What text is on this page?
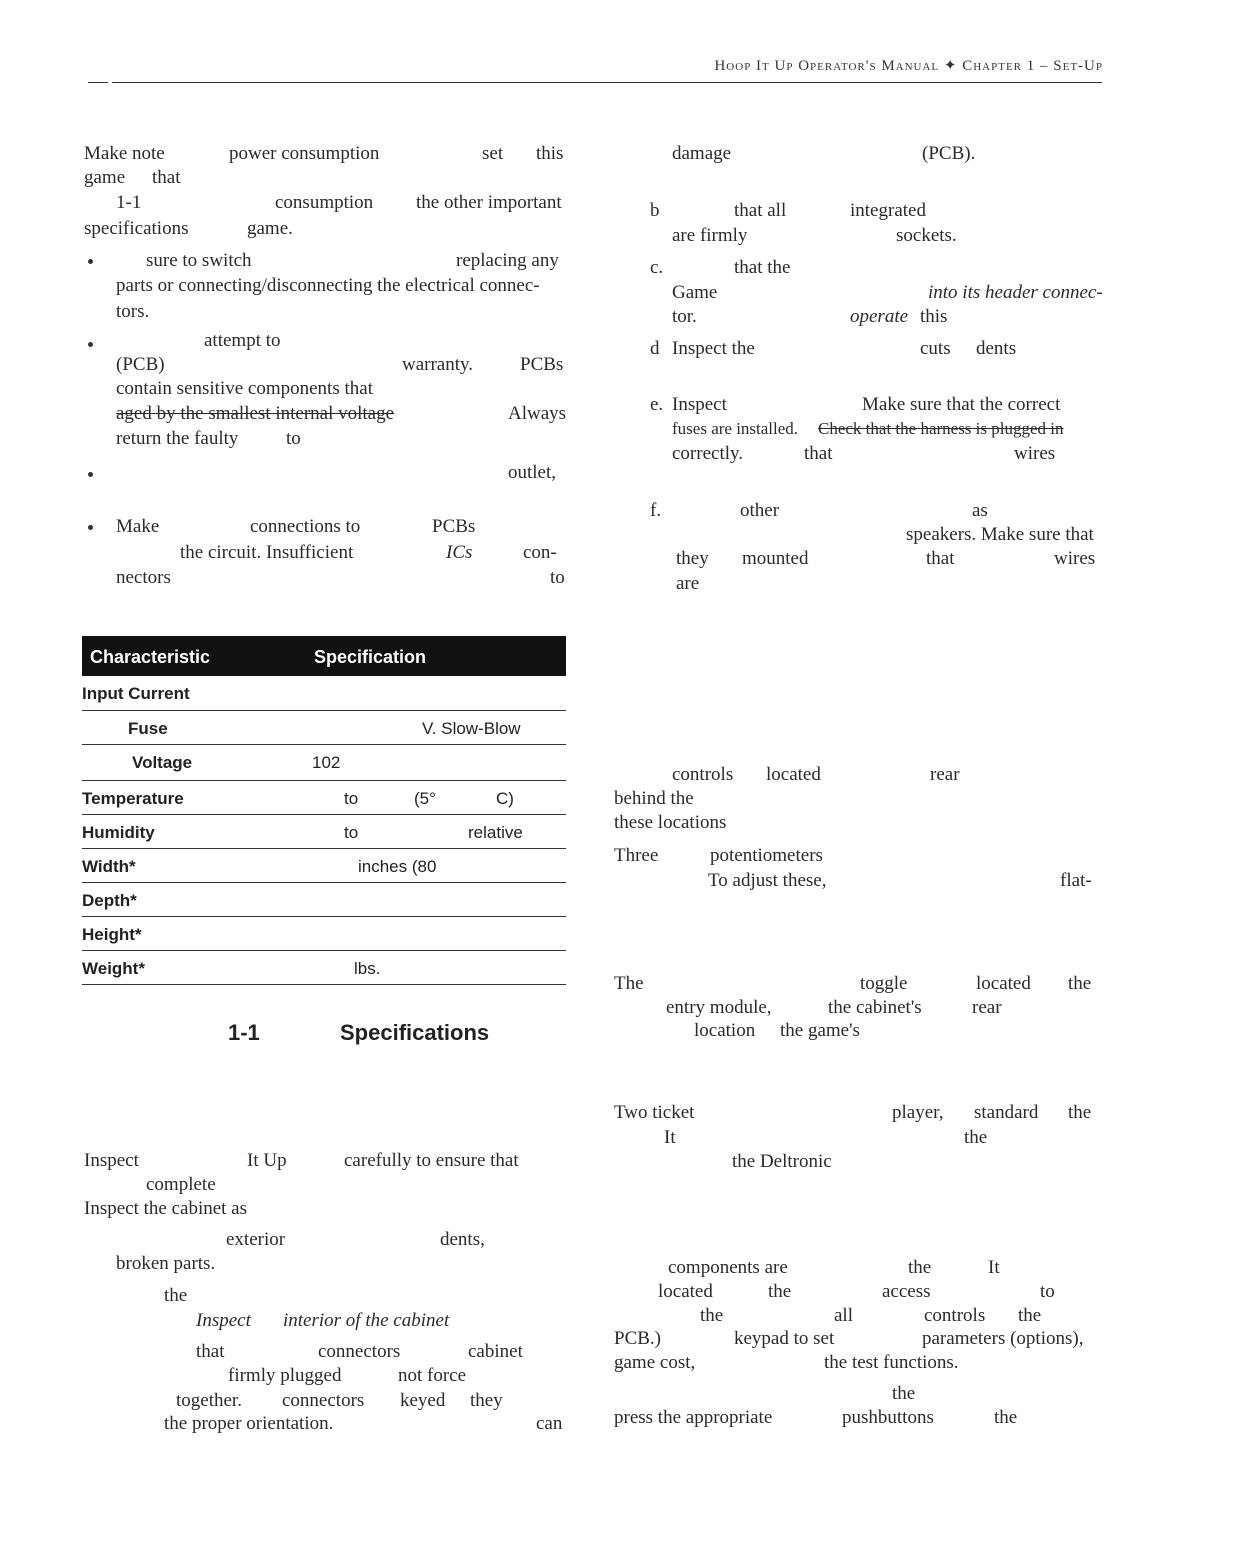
Hoop It Up Operator's Manual ✦ Chapter 1 – Set-Up
Make note	power consumption	set this
game that
1-1	consumption the other important
specifications	game.
sure to switch	replacing any
parts or connecting/disconnecting the electrical connec-
tors.
attempt to
(PCB)	warranty. PCBs
contain sensitive components that
aged by the smallest internal voltage	Always
return the faulty	to
outlet,
Make	connections to	PCBs
the circuit. Insufficient	ICs	con-
nectors	to
Characteristic	Specification
Input Current
Fuse	V. Slow-Blow
Voltage	102
Temperature	to	(5°	C)
Humidity	to	relative
Width*	inches (80
Depth*
Height*
Weight*	lbs.
1-1	Specifications
Inspect	It Up	carefully to ensure that
complete
Inspect the cabinet as
exterior	dents,
broken parts.
the
Inspect interior of the cabinet
that	connectors	cabinet
firmly plugged	not force
together. connectors keyed they
the proper orientation.	can
damage	(PCB).
b	that all	integrated
are firmly	sockets.
c.	that the
Game	into its header connec-
tor.	operate this
d Inspect the	cuts dents
e. Inspect	Make sure that the correct
fuses are installed. Check that the harness is plugged in
correctly.	that	wires
f.	other	as
speakers. Make sure that
they mounted	that	wires
are
controls located	rear
behind the
these locations
Three	potentiometers
To adjust these,	flat-
The	toggle	located the
entry module,	the cabinet's	rear
location the game's
Two ticket	player, standard the
It	the
the Deltronic
components are	the	It
located	the	access	to
the	all	controls the
PCB.)	keypad to set	parameters (options),
game cost,	the test functions.
the
press the appropriate	pushbuttons	the
